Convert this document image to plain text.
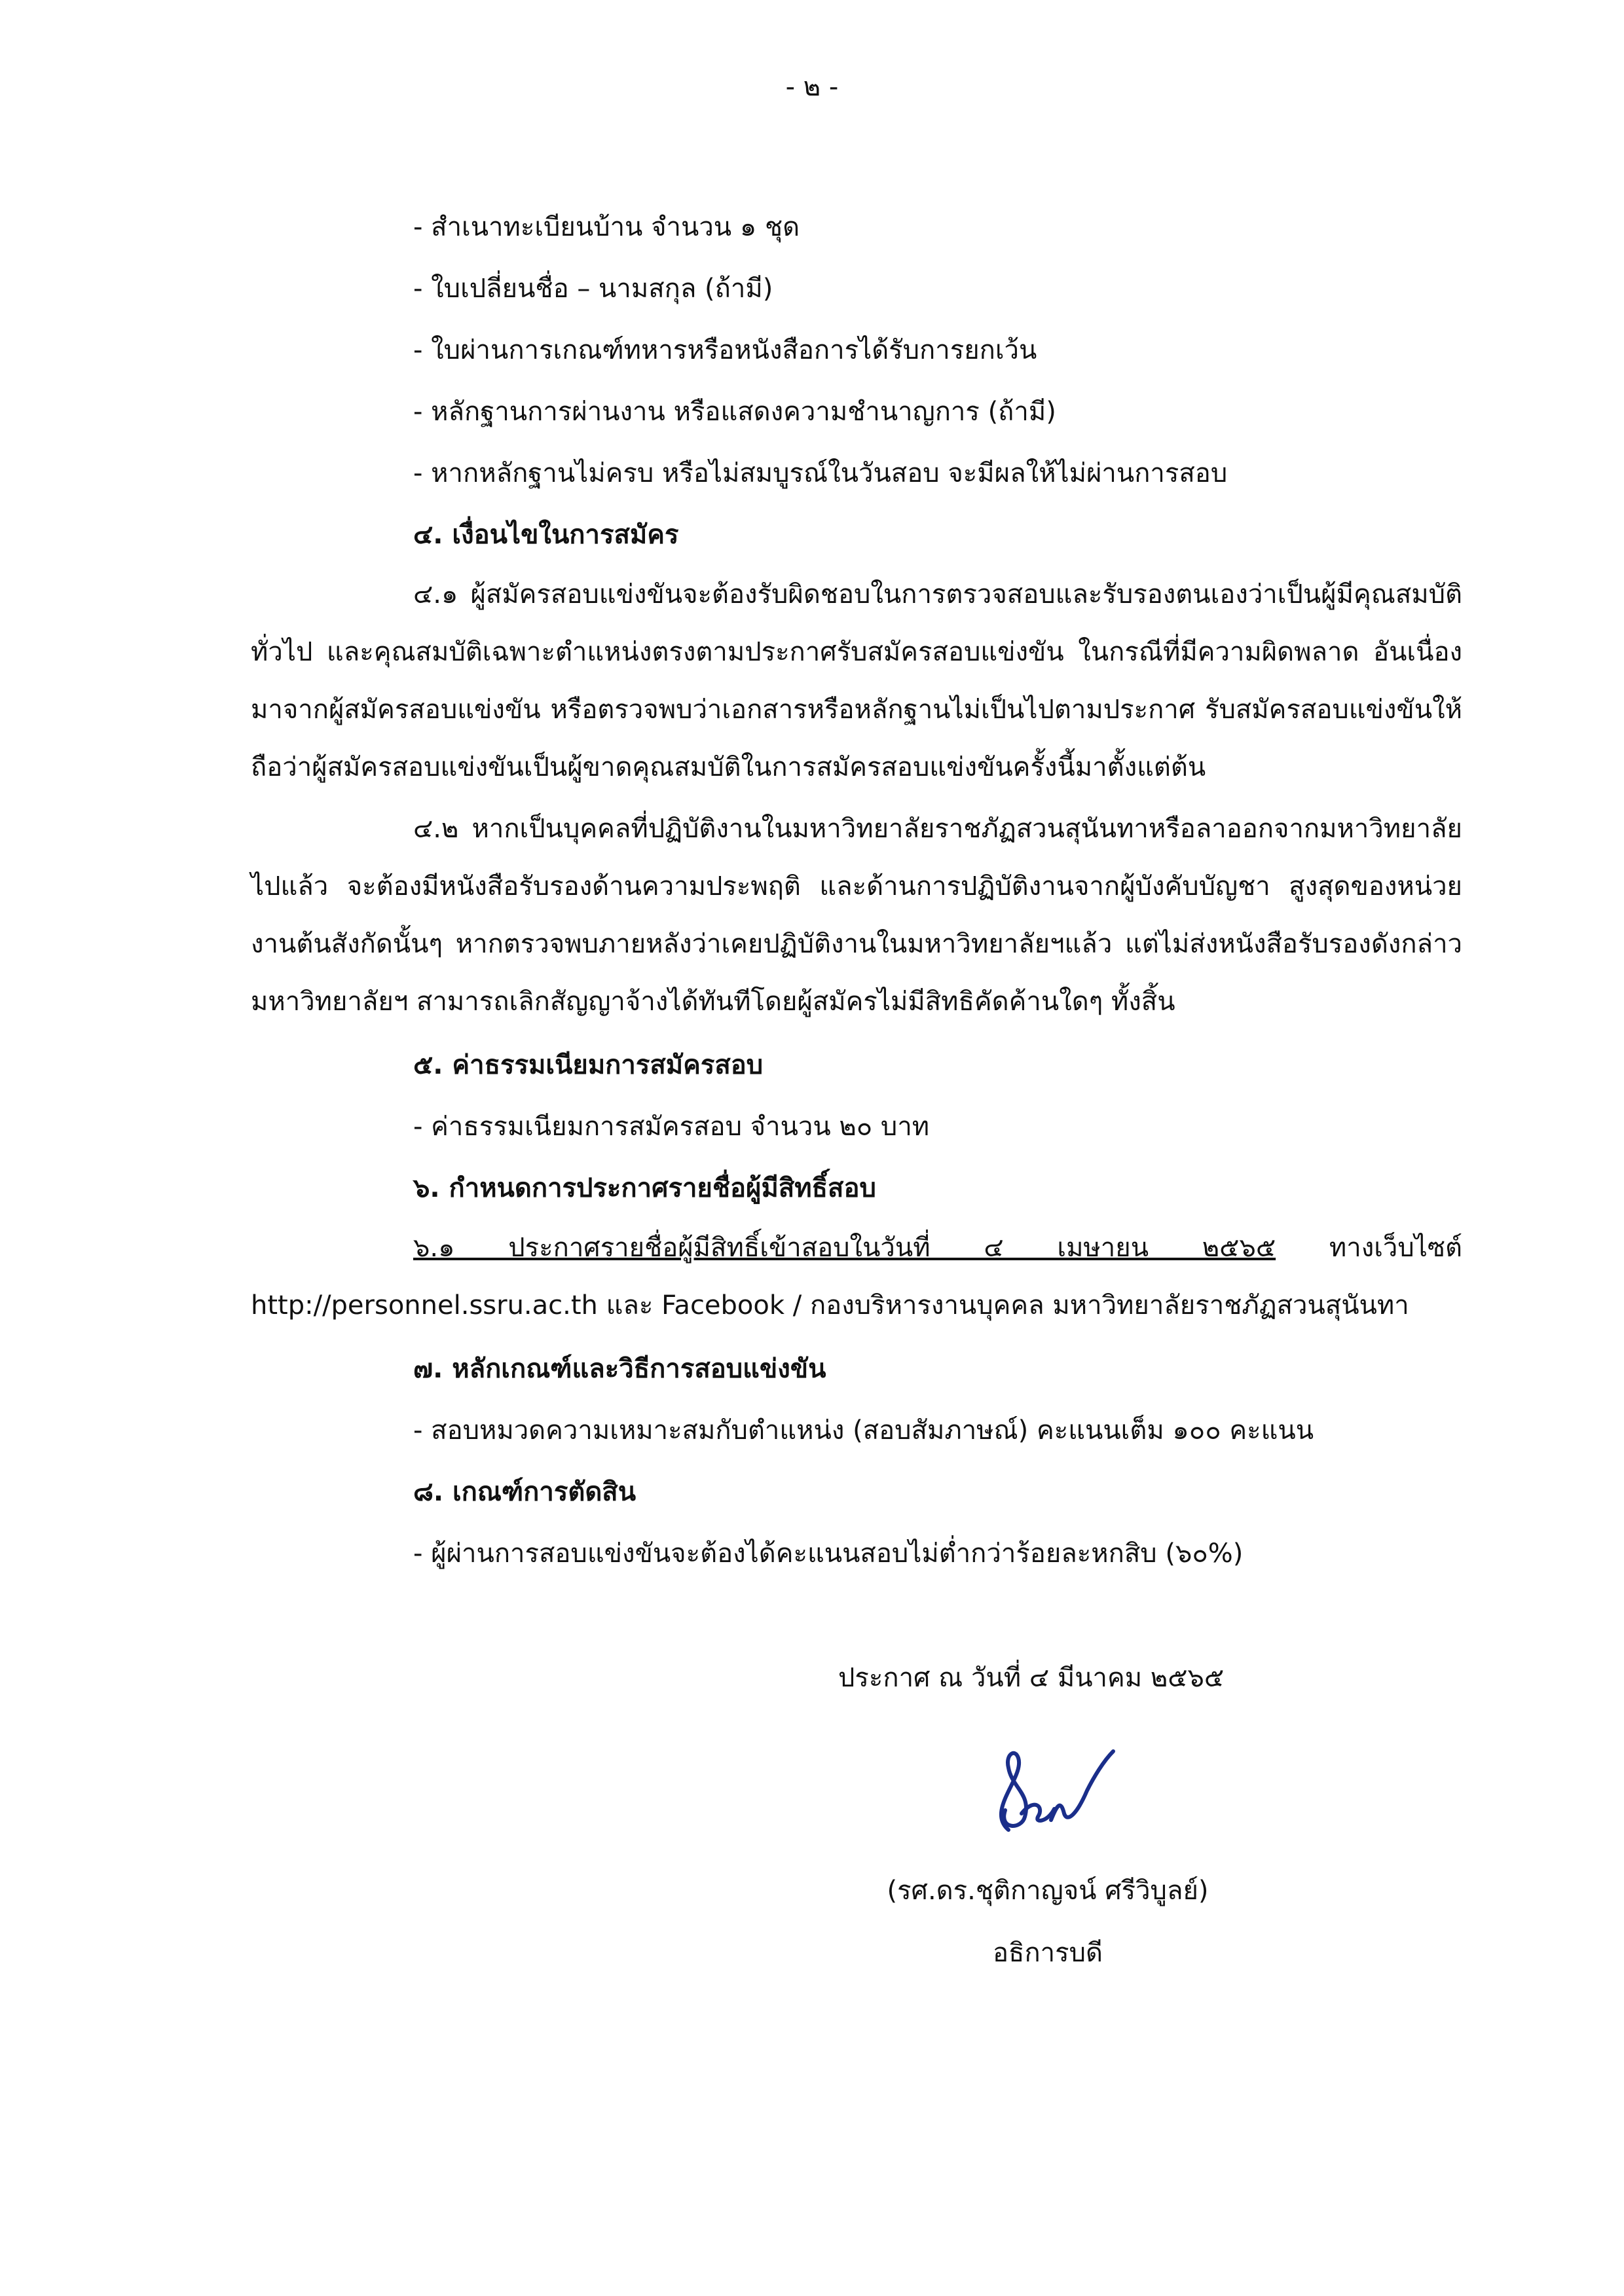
- ๒ -
- สำเนาทะเบียนบ้าน จำนวน ๑ ชุด
- ใบเปลี่ยนชื่อ – นามสกุล (ถ้ามี)
- ใบผ่านการเกณฑ์ทหารหรือหนังสือการได้รับการยกเว้น
- หลักฐานการผ่านงาน หรือแสดงความชำนาญการ (ถ้ามี)
- หากหลักฐานไม่ครบ หรือไม่สมบูรณ์ในวันสอบ จะมีผลให้ไม่ผ่านการสอบ
๔. เงื่อนไขในการสมัคร

๔.๑ ผู้สมัครสอบแข่งขันจะต้องรับผิดชอบในการตรวจสอบและรับรองตนเองว่าเป็นผู้มีคุณสมบัติทั่วไป และคุณสมบัติเฉพาะตำแหน่งตรงตามประกาศรับสมัครสอบแข่งขัน ในกรณีที่มีความผิดพลาด อันเนื่องมาจากผู้สมัครสอบแข่งขัน หรือตรวจพบว่าเอกสารหรือหลักฐานไม่เป็นไปตามประกาศ รับสมัครสอบแข่งขันให้ถือว่าผู้สมัครสอบแข่งขันเป็นผู้ขาดคุณสมบัติในการสมัครสอบแข่งขันครั้งนี้มาตั้งแต่ต้น

๔.๒ หากเป็นบุคคลที่ปฏิบัติงานในมหาวิทยาลัยราชภัฏสวนสุนันทาหรือลาออกจากมหาวิทยาลัยไปแล้ว จะต้องมีหนังสือรับรองด้านความประพฤติ และด้านการปฏิบัติงานจากผู้บังคับบัญชา สูงสุดของหน่วยงานต้นสังกัดนั้นๆ หากตรวจพบภายหลังว่าเคยปฏิบัติงานในมหาวิทยาลัยฯแล้ว แต่ไม่ส่งหนังสือรับรองดังกล่าวมหาวิทยาลัยฯ สามารถเลิกสัญญาจ้างได้ทันทีโดยผู้สมัครไม่มีสิทธิคัดค้านใดๆ ทั้งสิ้น

๕. ค่าธรรมเนียมการสมัครสอบ
- ค่าธรรมเนียมการสมัครสอบ จำนวน ๒๐ บาท
๖. กำหนดการประกาศรายชื่อผู้มีสิทธิ์สอบ

๖.๑ ประกาศรายชื่อผู้มีสิทธิ์เข้าสอบในวันที่ ๔ เมษายน ๒๕๖๕ ทางเว็บไซต์ http://personnel.ssru.ac.th และ Facebook / กองบริหารงานบุคคล มหาวิทยาลัยราชภัฏสวนสุนันทา

๗. หลักเกณฑ์และวิธีการสอบแข่งขัน
- สอบหมวดความเหมาะสมกับตำแหน่ง (สอบสัมภาษณ์) คะแนนเต็ม ๑๐๐ คะแนน
๘. เกณฑ์การตัดสิน
- ผู้ผ่านการสอบแข่งขันจะต้องได้คะแนนสอบไม่ต่ำกว่าร้อยละหกสิบ (๖๐%)
ประกาศ ณ วันที่ ๔ มีนาคม ๒๕๖๕
(รศ.ดร.ชุติกาญจน์ ศรีวิบูลย์)
อธิการบดี
